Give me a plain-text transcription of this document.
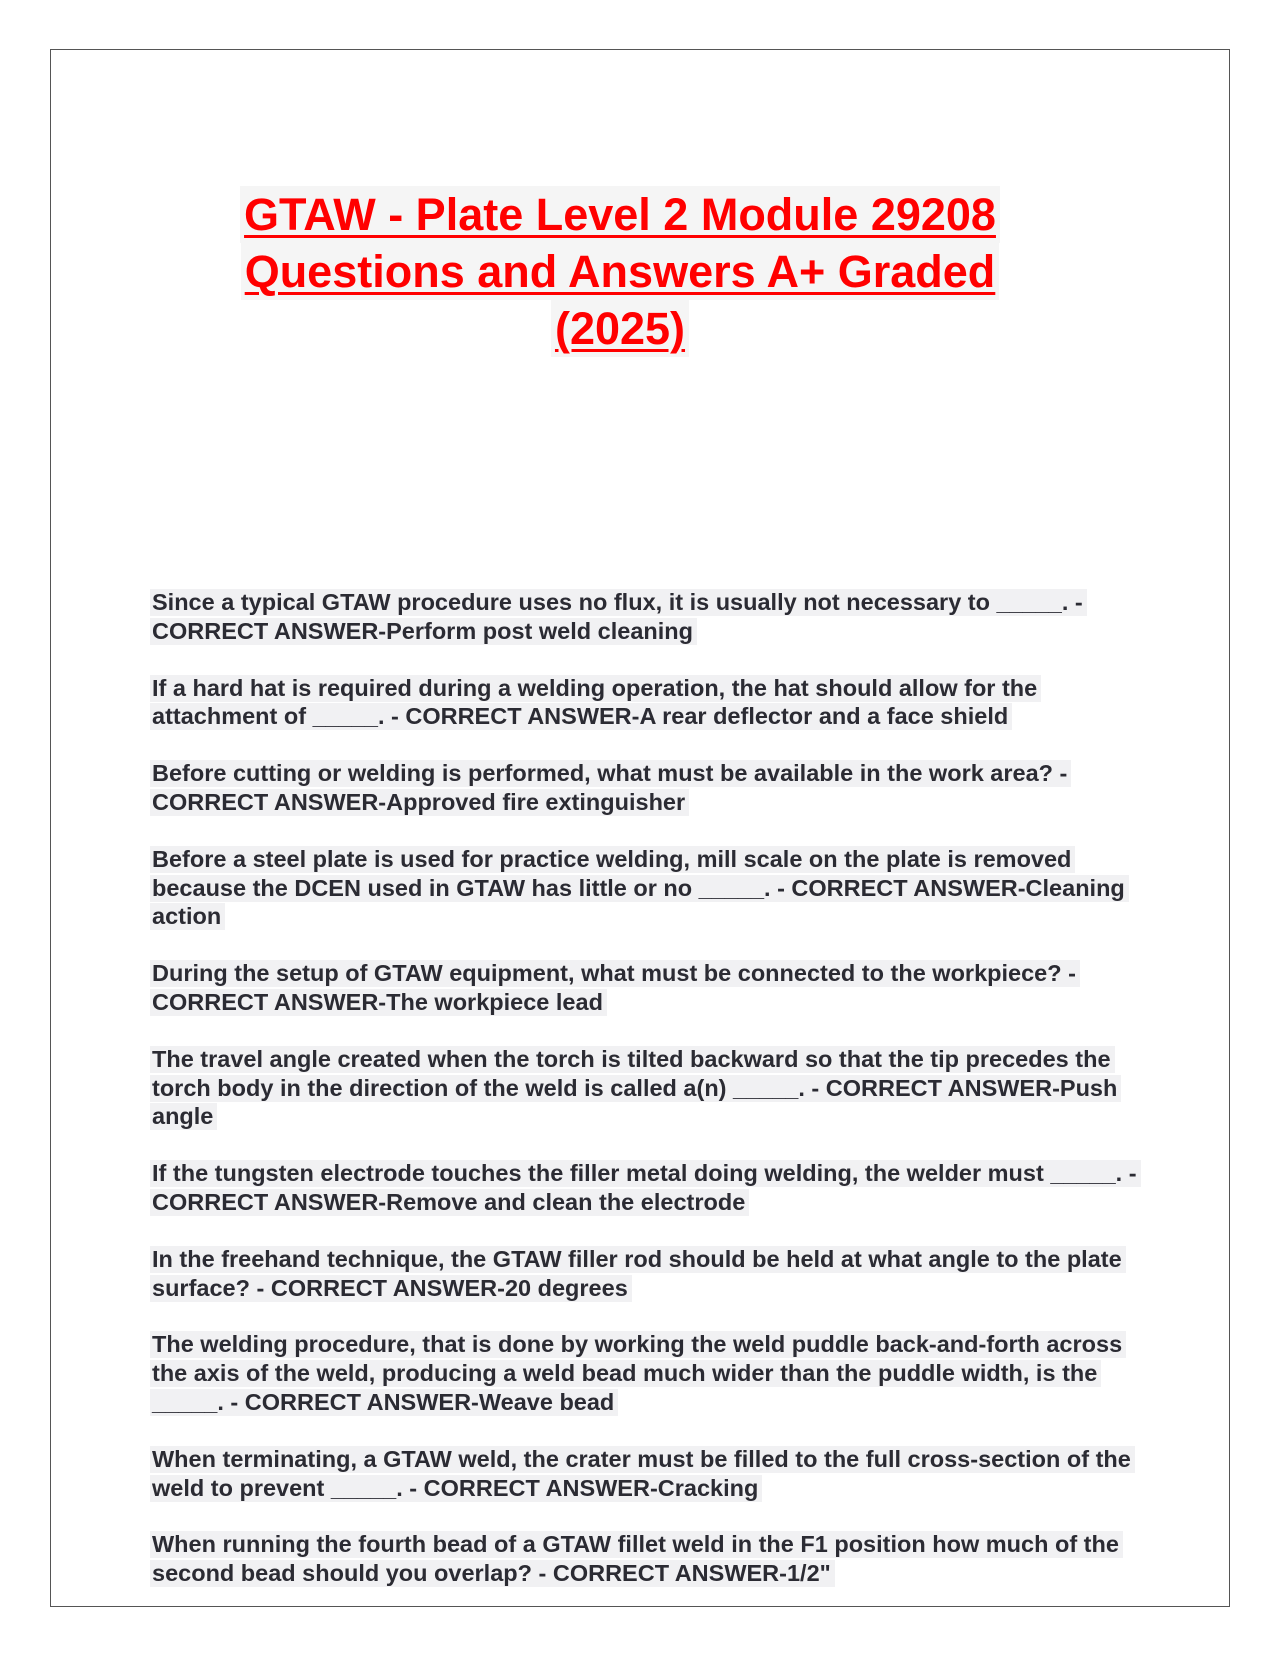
GTAW - Plate Level 2 Module 29208
Questions and Answers A+ Graded
(2025)

Since a typical GTAW procedure uses no flux, it is usually not necessary to _____. - CORRECT ANSWER-Perform post weld cleaning

If a hard hat is required during a welding operation, the hat should allow for the attachment of _____. - CORRECT ANSWER-A rear deflector and a face shield

Before cutting or welding is performed, what must be available in the work area? - CORRECT ANSWER-Approved fire extinguisher

Before a steel plate is used for practice welding, mill scale on the plate is removed because the DCEN used in GTAW has little or no _____. - CORRECT ANSWER-Cleaning action

During the setup of GTAW equipment, what must be connected to the workpiece? - CORRECT ANSWER-The workpiece lead

The travel angle created when the torch is tilted backward so that the tip precedes the torch body in the direction of the weld is called a(n) _____. - CORRECT ANSWER-Push angle

If the tungsten electrode touches the filler metal doing welding, the welder must _____. - CORRECT ANSWER-Remove and clean the electrode

In the freehand technique, the GTAW filler rod should be held at what angle to the plate surface? - CORRECT ANSWER-20 degrees

The welding procedure, that is done by working the weld puddle back-and-forth across the axis of the weld, producing a weld bead much wider than the puddle width, is the _____. - CORRECT ANSWER-Weave bead

When terminating, a GTAW weld, the crater must be filled to the full cross-section of the weld to prevent _____. - CORRECT ANSWER-Cracking

When running the fourth bead of a GTAW fillet weld in the F1 position how much of the second bead should you overlap? - CORRECT ANSWER-1/2"
